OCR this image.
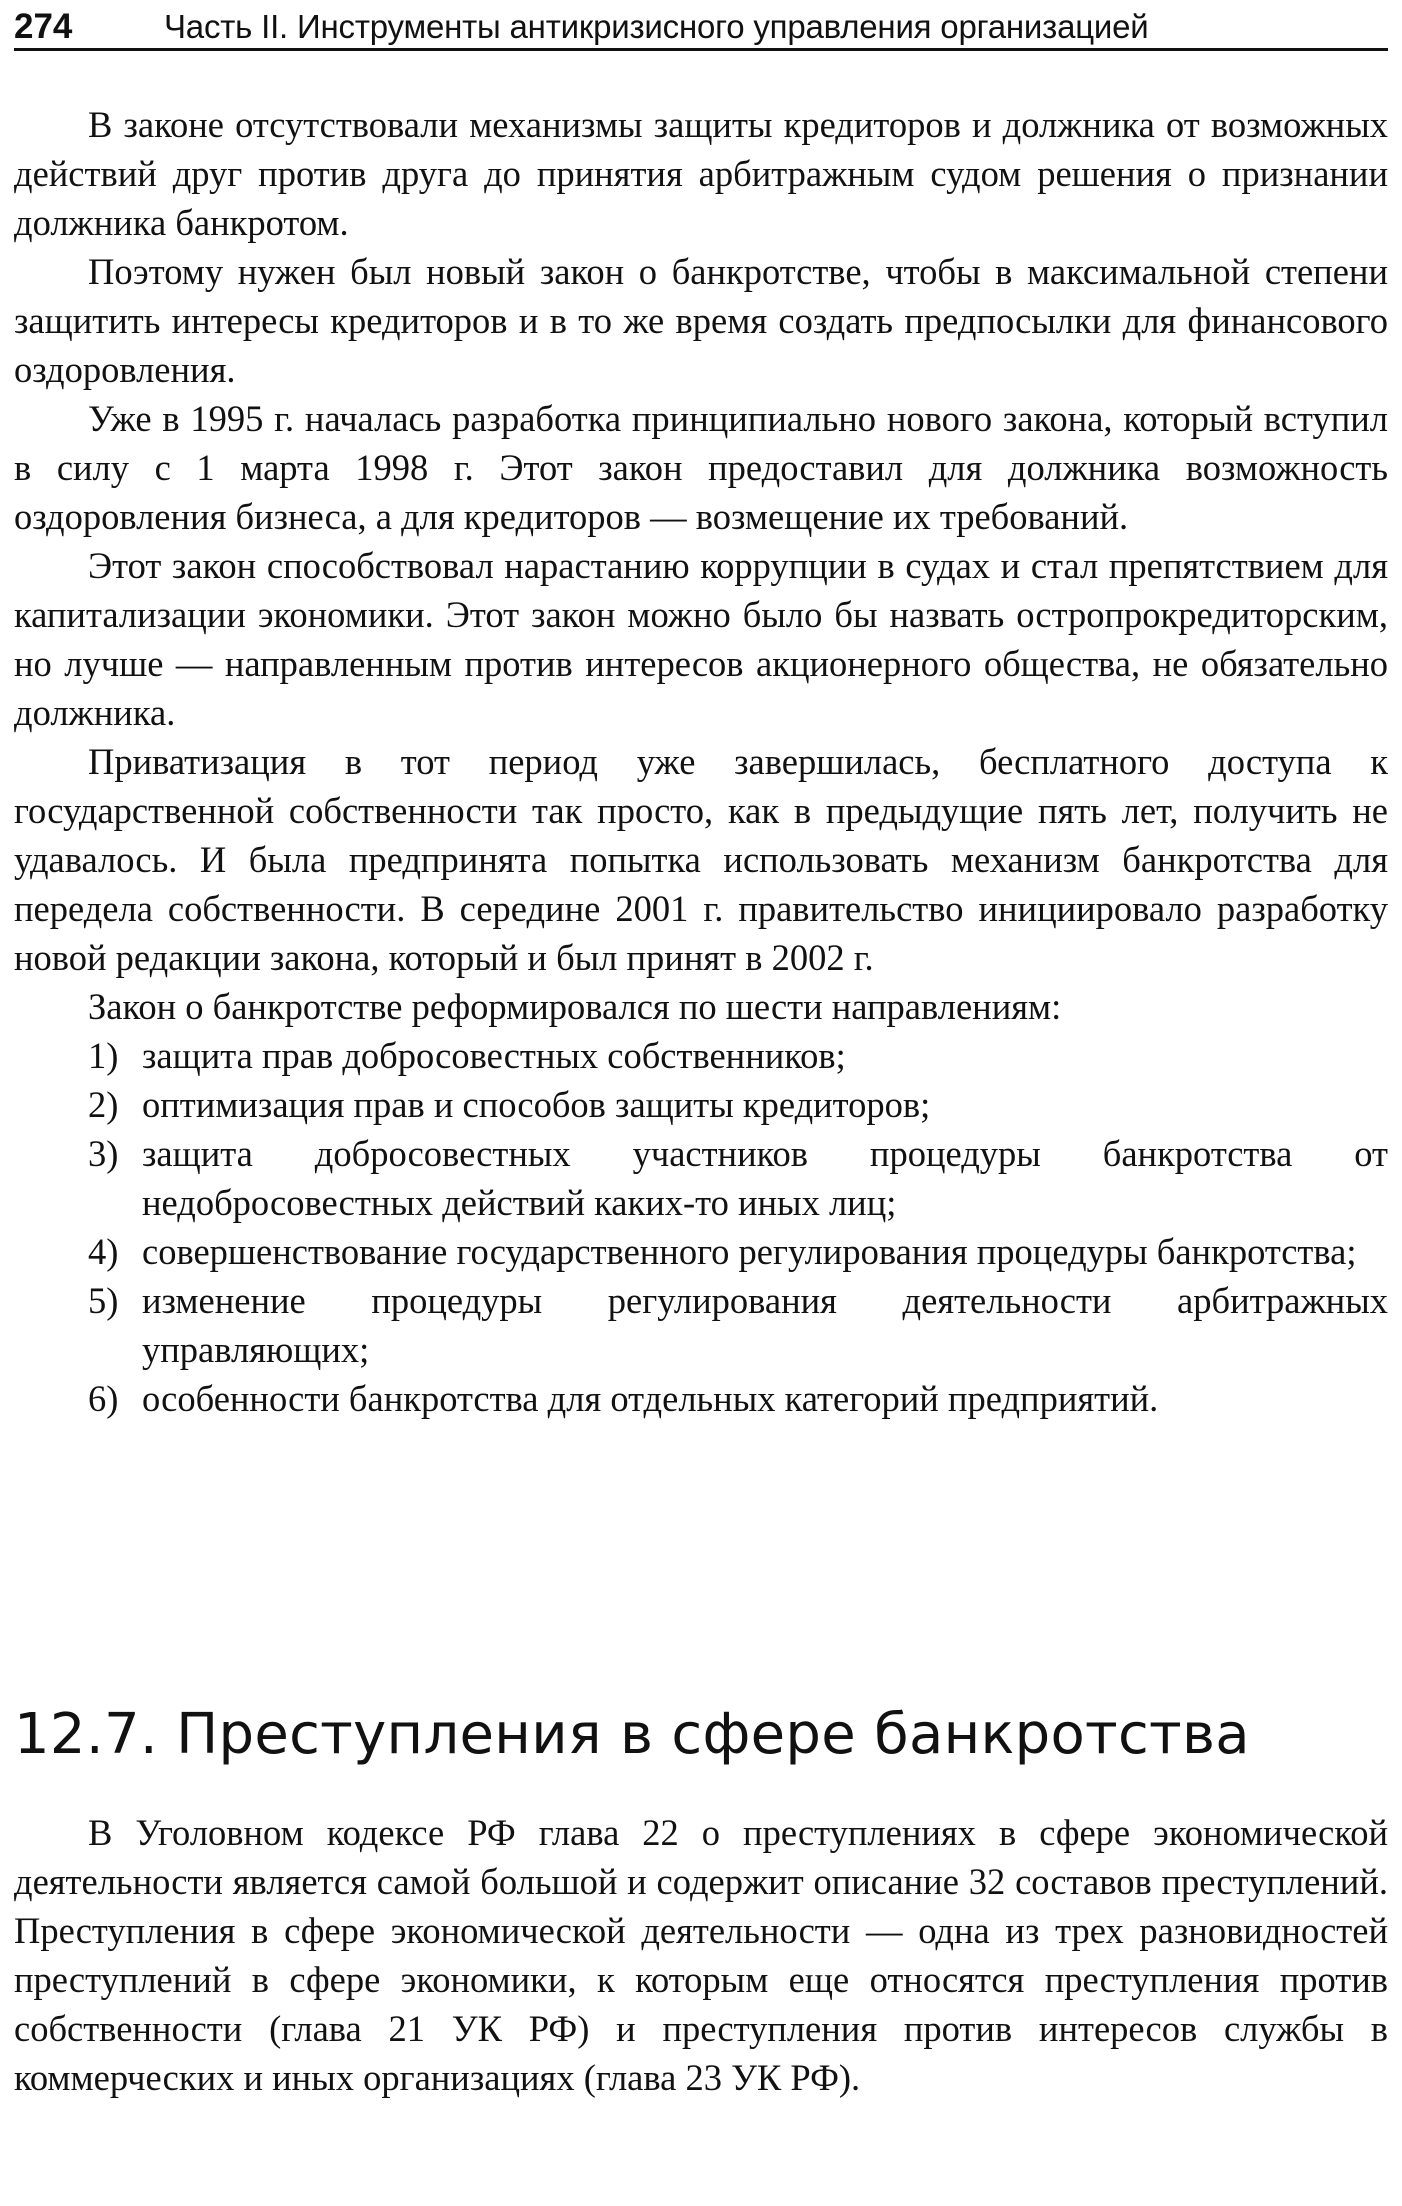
274	Часть II. Инструменты антикризисного управления организацией

В законе отсутствовали механизмы защиты кредиторов и должника от возможных действий друг против друга до принятия арбитражным судом решения о признании должника банкротом.

Поэтому нужен был новый закон о банкротстве, чтобы в максимальной степени защитить интересы кредиторов и в то же время создать предпосылки для финансового оздоровления.

Уже в 1995 г. началась разработка принципиально нового закона, который вступил в силу с 1 марта 1998 г. Этот закон предоставил для должника возможность оздоровления бизнеса, а для кредиторов — возмещение их требований.

Этот закон способствовал нарастанию коррупции в судах и стал препятствием для капитализации экономики. Этот закон можно было бы назвать остропрокредиторским, но лучше — направленным против интересов акционерного общества, не обязательно должника.

Приватизация в тот период уже завершилась, бесплатного доступа к государственной собственности так просто, как в предыдущие пять лет, получить не удавалось. И была предпринята попытка использовать механизм банкротства для передела собственности. В середине 2001 г. правительство инициировало разработку новой редакции закона, который и был принят в 2002 г.

Закон о банкротстве реформировался по шести направлениям:

1) защита прав добросовестных собственников;
2) оптимизация прав и способов защиты кредиторов;
3) защита добросовестных участников процедуры банкротства от недобросовестных действий каких-то иных лиц;
4) совершенствование государственного регулирования процедуры банкротства;
5) изменение процедуры регулирования деятельности арбитражных управляющих;
6) особенности банкротства для отдельных категорий предприятий.
12.7. Преступления в сфере банкротства

В Уголовном кодексе РФ глава 22 о преступлениях в сфере экономической деятельности является самой большой и содержит описание 32 составов преступлений. Преступления в сфере экономической деятельности — одна из трех разновидностей преступлений в сфере экономики, к которым еще относятся преступления против собственности (глава 21 УК РФ) и преступления против интересов службы в коммерческих и иных организациях (глава 23 УК РФ).
